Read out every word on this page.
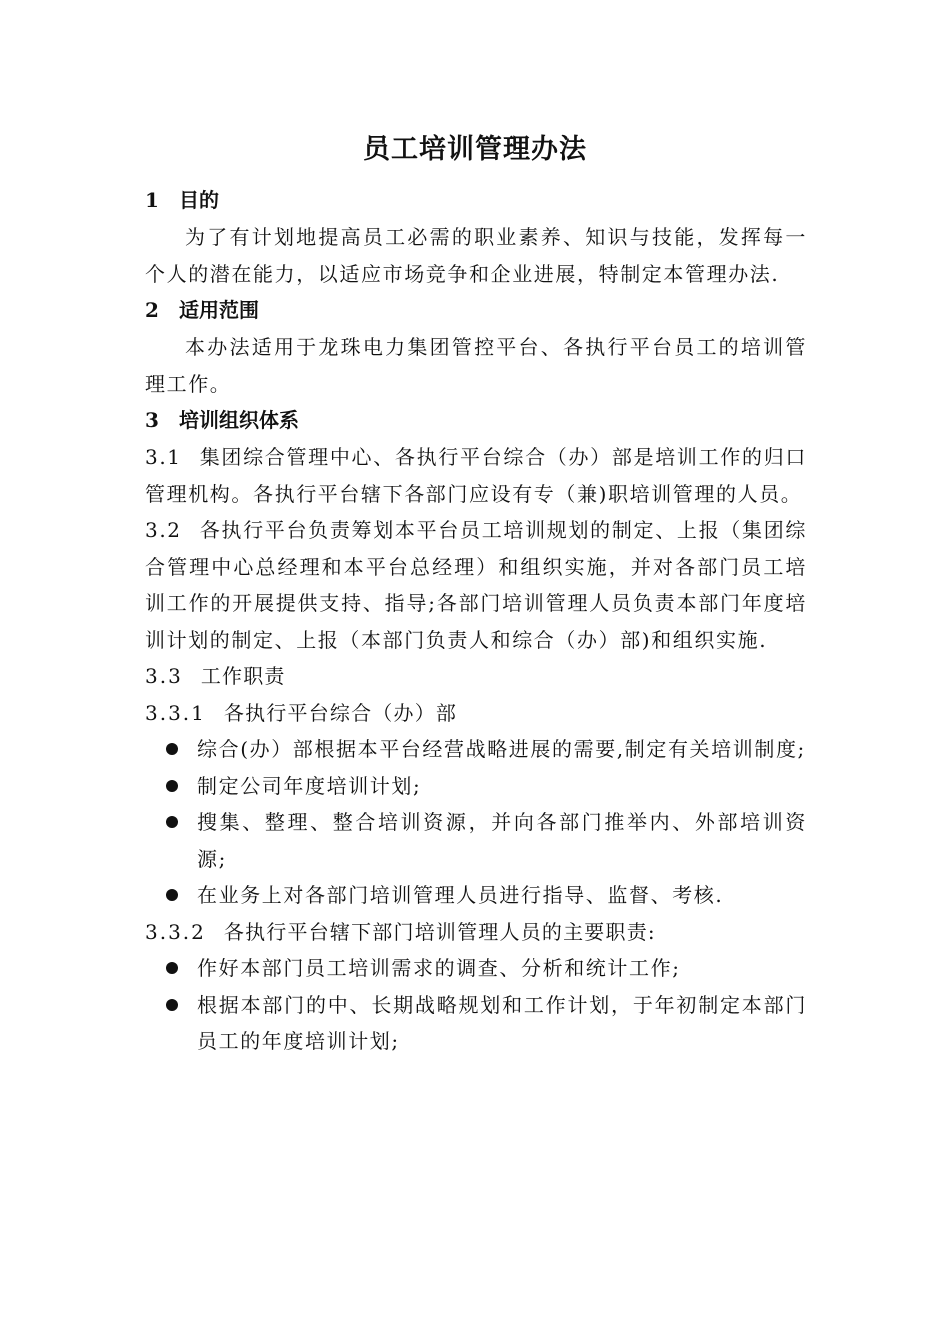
员工培训管理办法
1 目的
为了有计划地提高员工必需的职业素养、知识与技能，发挥每一个人的潜在能力，以适应市场竞争和企业进展，特制定本管理办法.
2 适用范围
本办法适用于龙珠电力集团管控平台、各执行平台员工的培训管理工作。
3 培训组织体系
3.1 集团综合管理中心、各执行平台综合（办）部是培训工作的归口管理机构。各执行平台辖下各部门应设有专（兼)职培训管理的人员。
3.2 各执行平台负责筹划本平台员工培训规划的制定、上报（集团综合管理中心总经理和本平台总经理）和组织实施，并对各部门员工培训工作的开展提供支持、指导;各部门培训管理人员负责本部门年度培训计划的制定、上报（本部门负责人和综合（办）部)和组织实施.
3.3 工作职责
3.3.1 各执行平台综合（办）部
综合(办）部根据本平台经营战略进展的需要,制定有关培训制度;
制定公司年度培训计划;
搜集、整理、整合培训资源，并向各部门推举内、外部培训资源;
在业务上对各部门培训管理人员进行指导、监督、考核.
3.3.2 各执行平台辖下部门培训管理人员的主要职责:
作好本部门员工培训需求的调查、分析和统计工作;
根据本部门的中、长期战略规划和工作计划，于年初制定本部门员工的年度培训计划;
